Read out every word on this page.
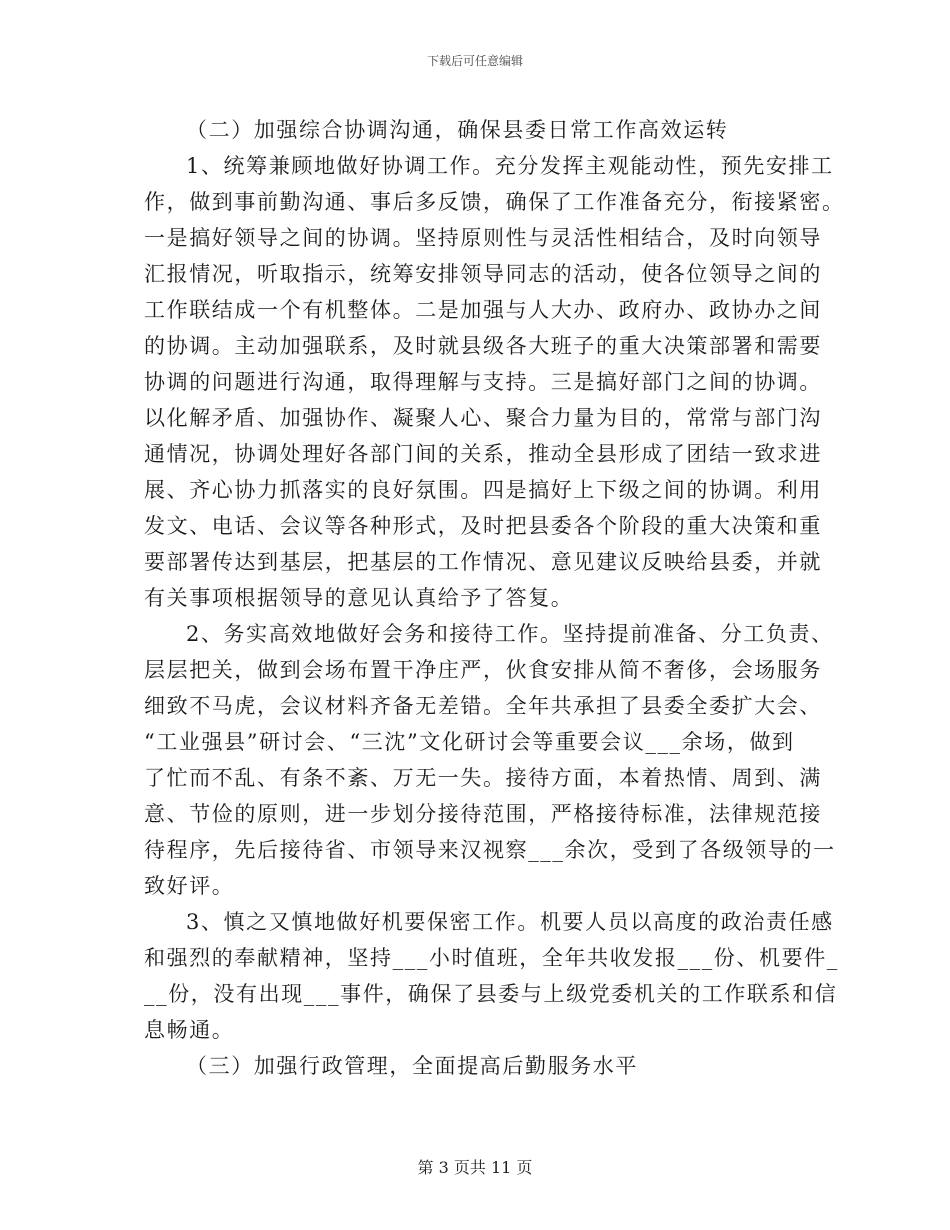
下载后可任意编辑
（二）加强综合协调沟通，确保县委日常工作高效运转
1、统筹兼顾地做好协调工作。充分发挥主观能动性，预先安排工
作，做到事前勤沟通、事后多反馈，确保了工作准备充分，衔接紧密。
一是搞好领导之间的协调。坚持原则性与灵活性相结合，及时向领导
汇报情况，听取指示，统筹安排领导同志的活动，使各位领导之间的
工作联结成一个有机整体。二是加强与人大办、政府办、政协办之间
的协调。主动加强联系，及时就县级各大班子的重大决策部署和需要
协调的问题进行沟通，取得理解与支持。三是搞好部门之间的协调。
以化解矛盾、加强协作、凝聚人心、聚合力量为目的，常常与部门沟
通情况，协调处理好各部门间的关系，推动全县形成了团结一致求进
展、齐心协力抓落实的良好氛围。四是搞好上下级之间的协调。利用
发文、电话、会议等各种形式，及时把县委各个阶段的重大决策和重
要部署传达到基层，把基层的工作情况、意见建议反映给县委，并就
有关事项根据领导的意见认真给予了答复。
2、务实高效地做好会务和接待工作。坚持提前准备、分工负责、
层层把关，做到会场布置干净庄严，伙食安排从简不奢侈，会场服务
细致不马虎，会议材料齐备无差错。全年共承担了县委全委扩大会、
“工业强县”研讨会、“三沈”文化研讨会等重要会议___余场，做到
了忙而不乱、有条不紊、万无一失。接待方面，本着热情、周到、满
意、节俭的原则，进一步划分接待范围，严格接待标准，法律规范接
待程序，先后接待省、市领导来汉视察___余次，受到了各级领导的一
致好评。
3、慎之又慎地做好机要保密工作。机要人员以高度的政治责任感
和强烈的奉献精神，坚持___小时值班，全年共收发报___份、机要件_
__份，没有出现___事件，确保了县委与上级党委机关的工作联系和信
息畅通。
（三）加强行政管理，全面提高后勤服务水平
第 3 页共 11 页
